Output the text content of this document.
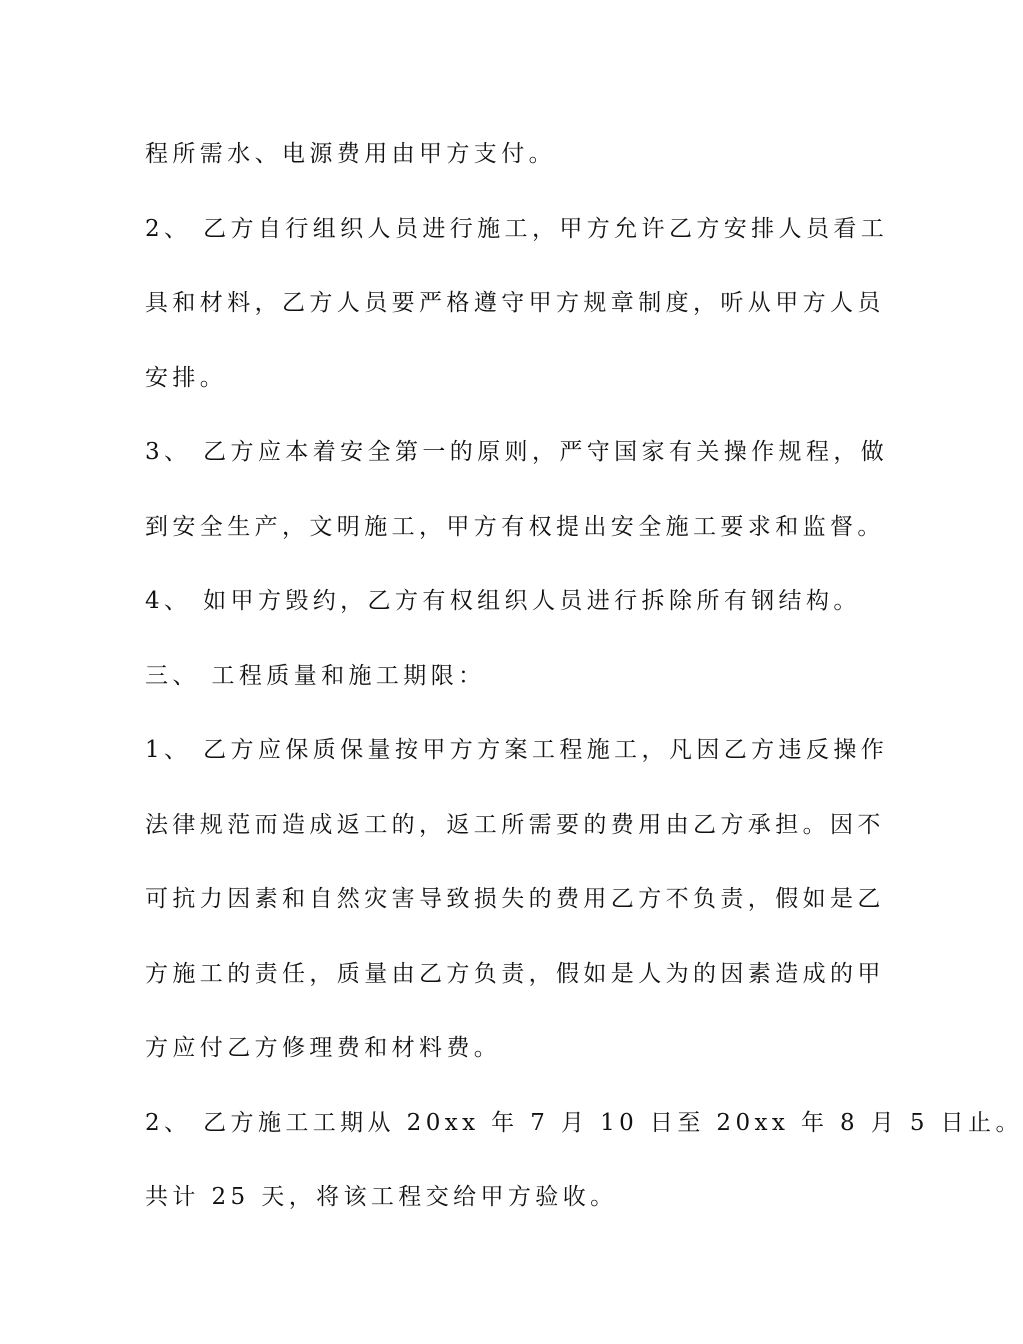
程所需水、电源费用由甲方支付。
2、 乙方自行组织人员进行施工，甲方允许乙方安排人员看工
具和材料，乙方人员要严格遵守甲方规章制度，听从甲方人员
安排。
3、 乙方应本着安全第一的原则，严守国家有关操作规程，做
到安全生产，文明施工，甲方有权提出安全施工要求和监督。
4、 如甲方毁约，乙方有权组织人员进行拆除所有钢结构。
三、 工程质量和施工期限：
1、 乙方应保质保量按甲方方案工程施工，凡因乙方违反操作
法律规范而造成返工的，返工所需要的费用由乙方承担。因不
可抗力因素和自然灾害导致损失的费用乙方不负责，假如是乙
方施工的责任，质量由乙方负责，假如是人为的因素造成的甲
方应付乙方修理费和材料费。
2、 乙方施工工期从 20xx 年 7 月 10 日至 20xx 年 8 月 5 日止。
共计 25 天，将该工程交给甲方验收。
